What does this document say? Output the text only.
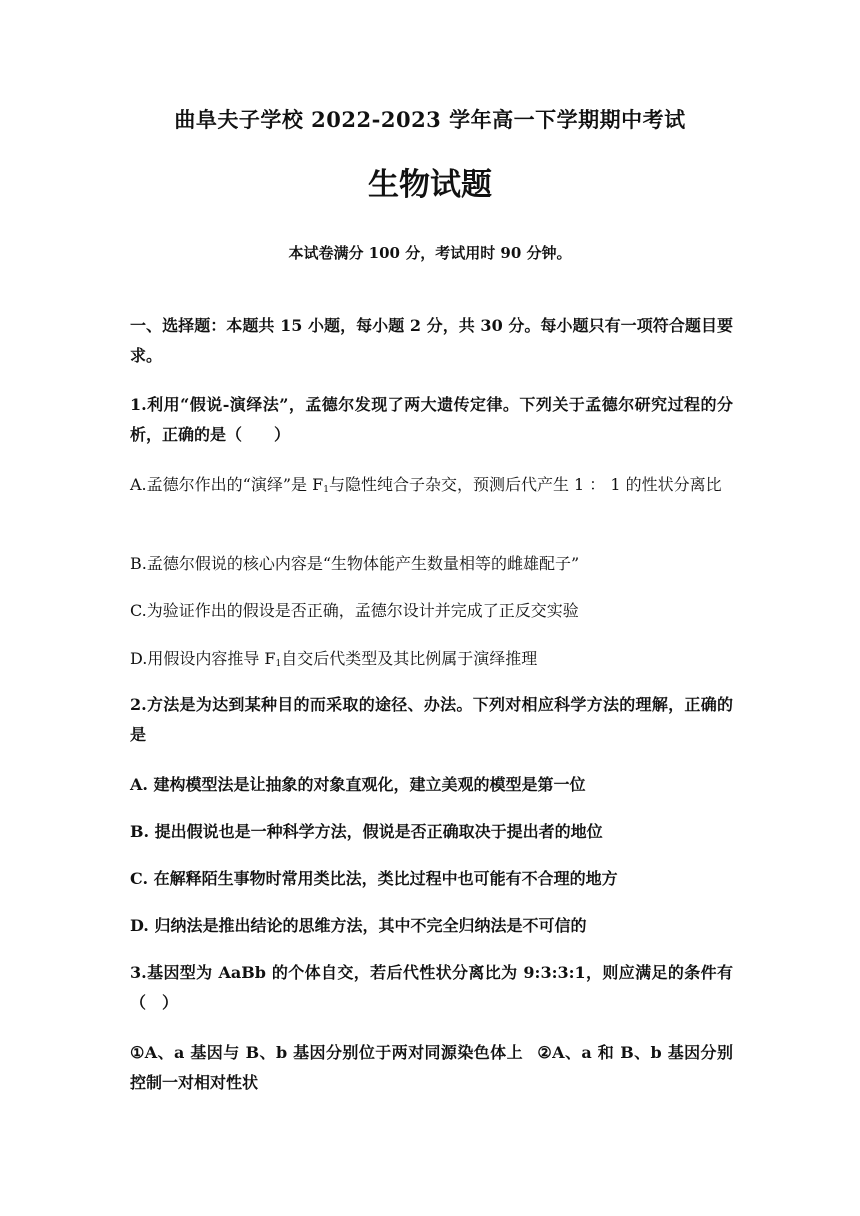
曲阜夫子学校 2022-2023 学年高一下学期期中考试
生物试题
本试卷满分 100 分，考试用时 90 分钟。
一、选择题：本题共 15 小题，每小题 2 分，共 30 分。每小题只有一项符合题目要求。
1.利用“假说-演绎法”，孟德尔发现了两大遗传定律。下列关于孟德尔研究过程的分析，正确的是（　　）
A.孟德尔作出的“演绎”是 $F_1$与隐性纯合子杂交，预测后代产生 1 ： 1 的性状分离比
B.孟德尔假说的核心内容是“生物体能产生数量相等的雌雄配子”
C.为验证作出的假设是否正确，孟德尔设计并完成了正反交实验
D.用假设内容推导 $F_1$自交后代类型及其比例属于演绎推理
2.方法是为达到某种目的而采取的途径、办法。下列对相应科学方法的理解，正确的是
A. 建构模型法是让抽象的对象直观化，建立美观的模型是第一位
B. 提出假说也是一种科学方法，假说是否正确取决于提出者的地位
C. 在解释陌生事物时常用类比法，类比过程中也可能有不合理的地方
D. 归纳法是推出结论的思维方法，其中不完全归纳法是不可信的
3.基因型为 AaBb 的个体自交，若后代性状分离比为 9:3:3:1，则应满足的条件有（　）
①A、a 基因与 B、b 基因分别位于两对同源染色体上 ②A、a 和 B、b 基因分别控制一对相对性状
